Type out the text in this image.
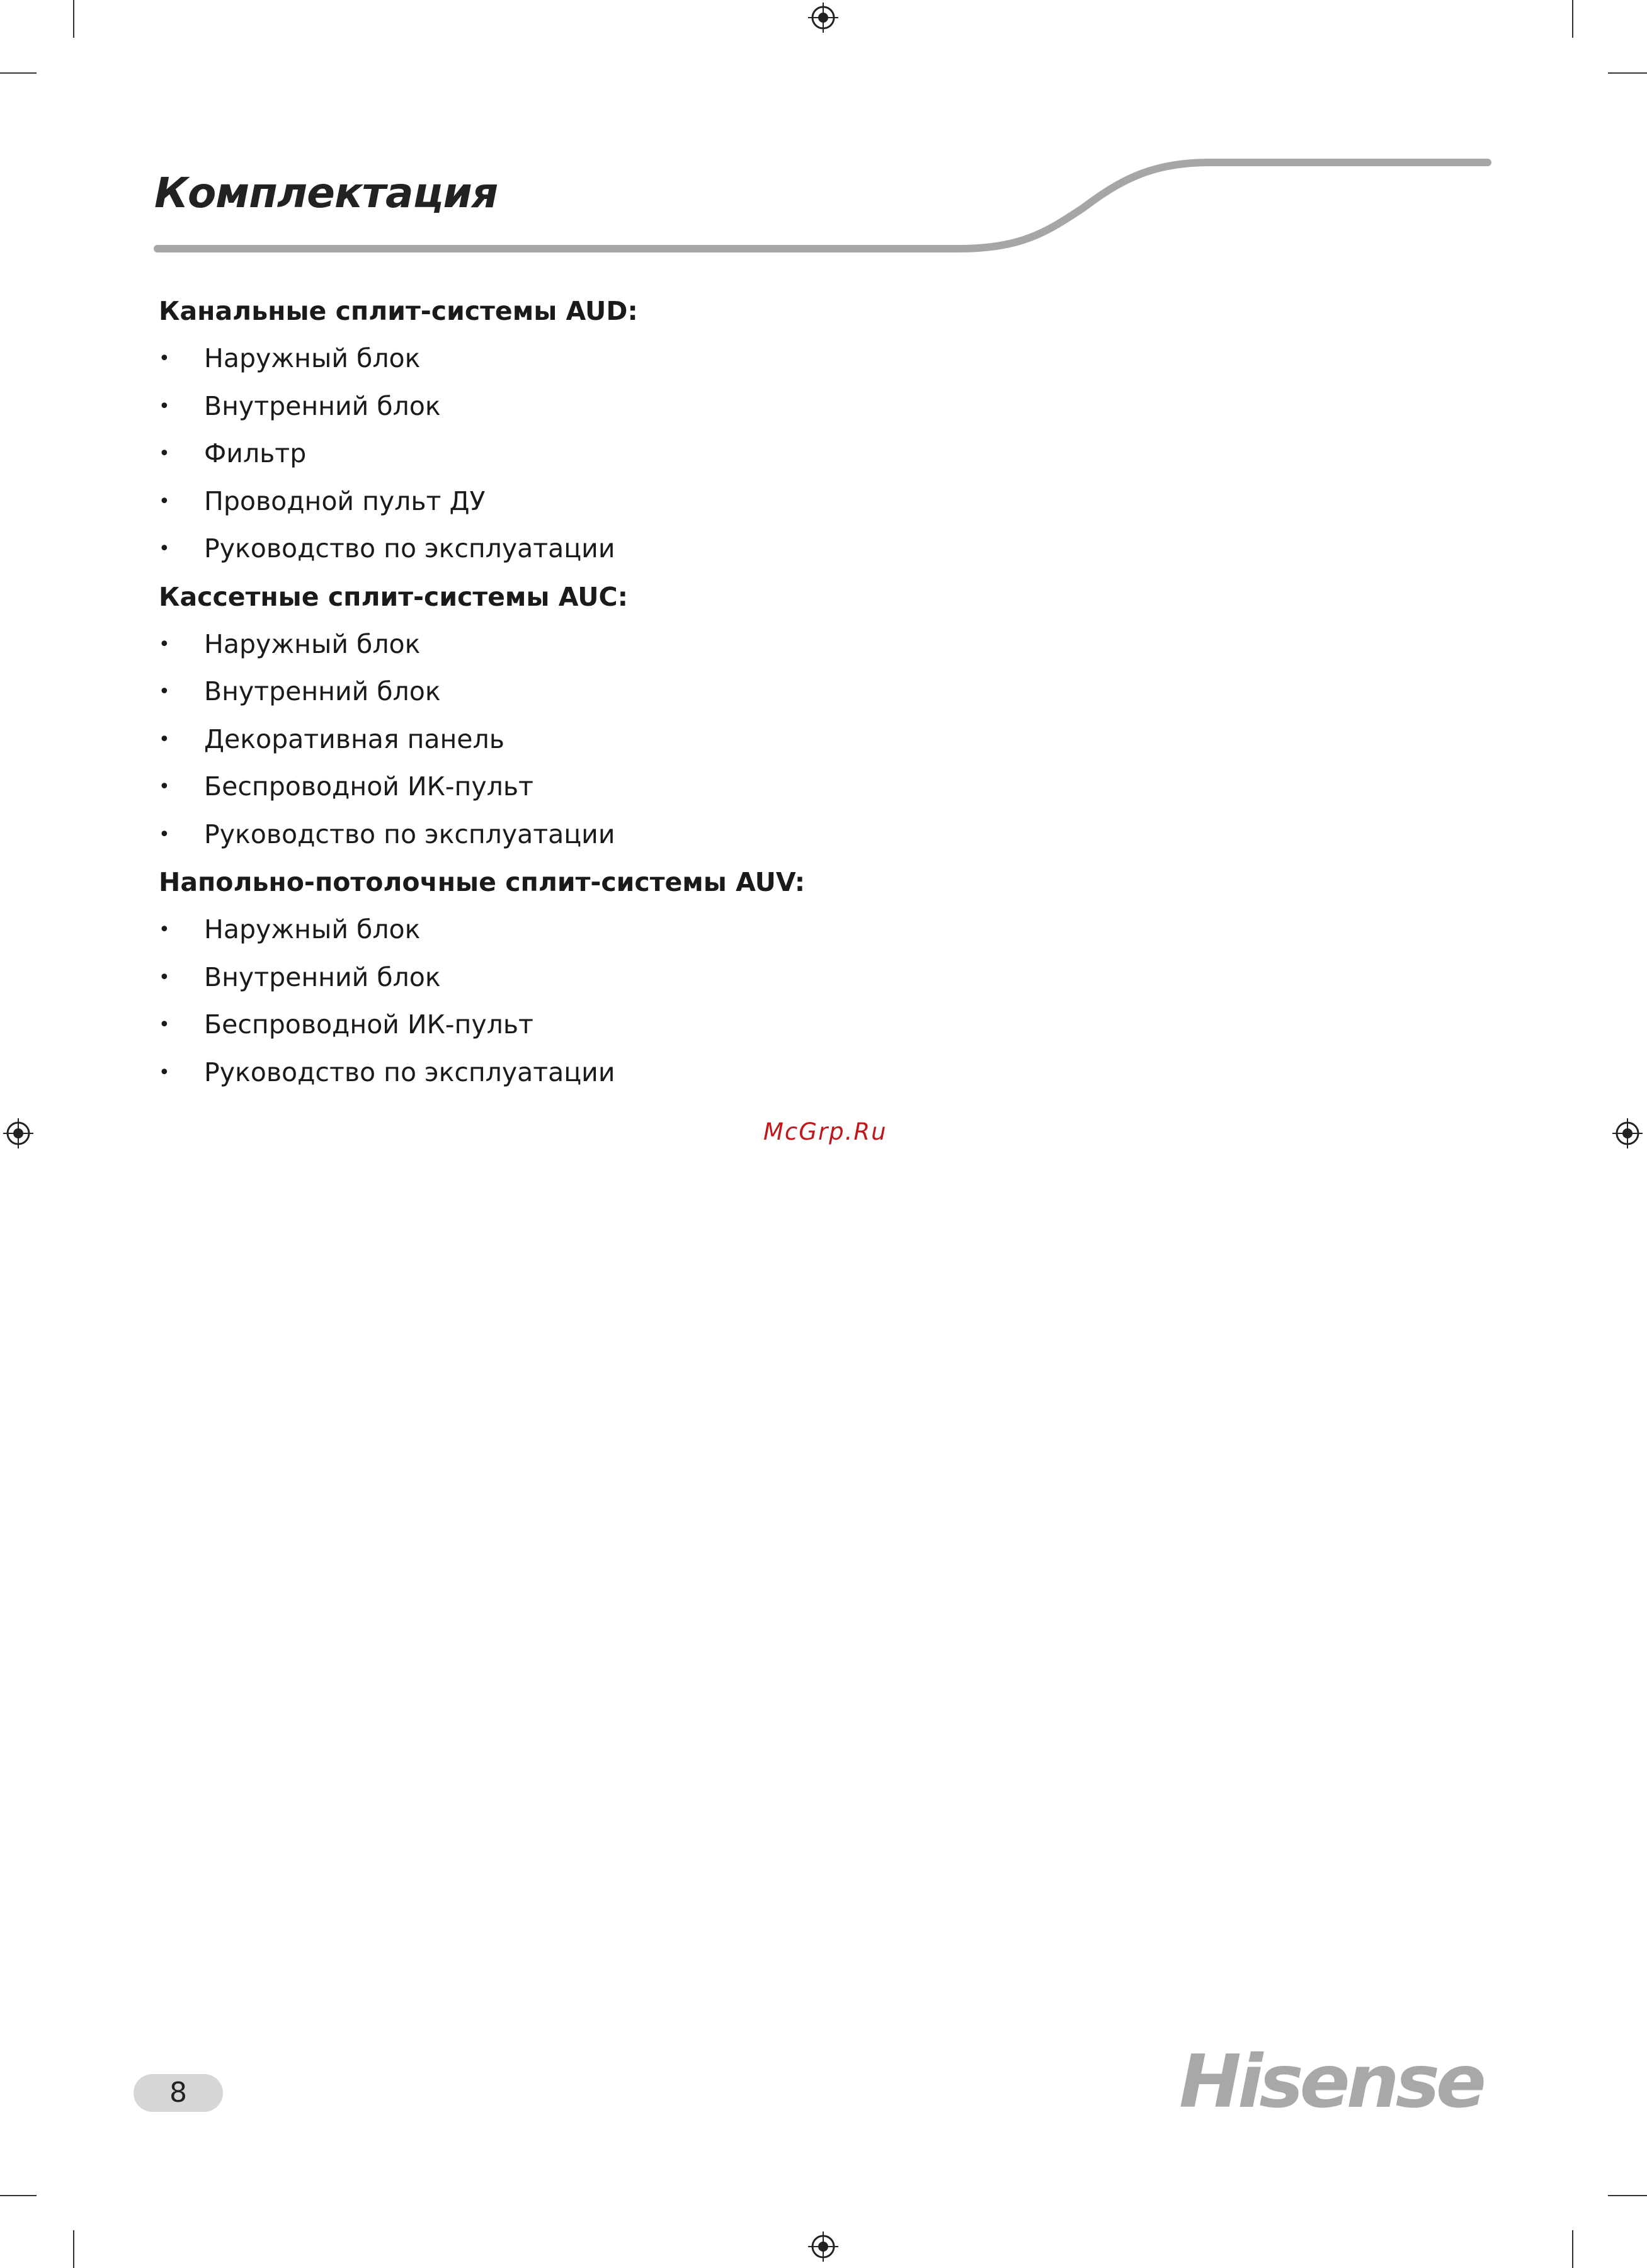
Комплектация
Канальные сплит-системы AUD:
• Наружный блок
• Внутренний блок
• Фильтр
• Проводной пульт ДУ
• Руководство по эксплуатации
Кассетные сплит-системы AUC:
• Наружный блок
• Внутренний блок
• Декоративная панель
• Беспроводной ИК-пульт
• Руководство по эксплуатации
Напольно-потолочные сплит-системы AUV:
• Наружный блок
• Внутренний блок
• Беспроводной ИК-пульт
• Руководство по эксплуатации
McGrp.Ru
8	Hisense
